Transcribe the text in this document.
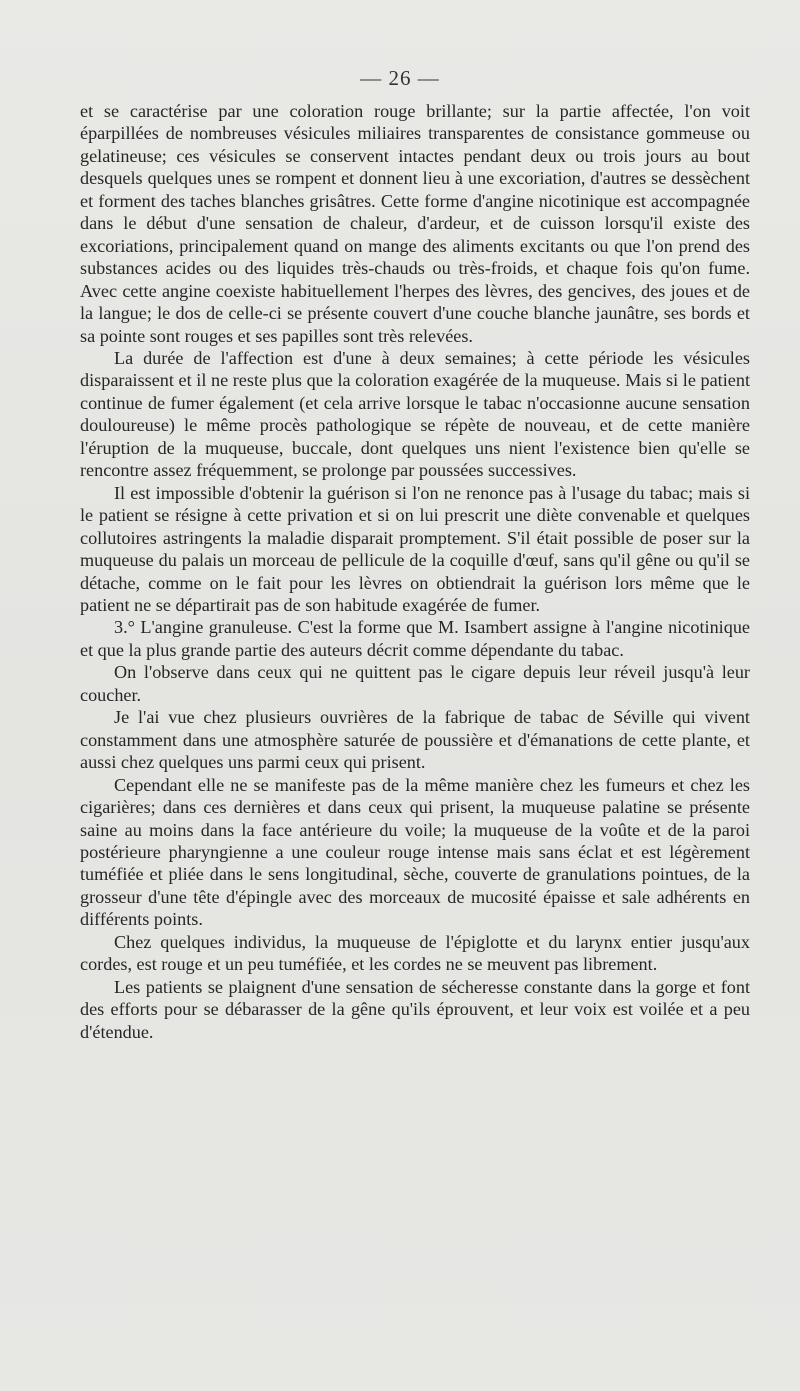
— 26 —

et se caractérise par une coloration rouge brillante; sur la partie affectée, l'on voit éparpillées de nombreuses vésicules miliaires transparentes de consistance gommeuse ou gelatineuse; ces vésicules se conservent intactes pendant deux ou trois jours au bout desquels quelques unes se rompent et donnent lieu à une excoriation, d'autres se dessèchent et forment des taches blanches grisâtres. Cette forme d'angine nicotinique est accompagnée dans le début d'une sensation de chaleur, d'ardeur, et de cuisson lorsqu'il existe des excoriations, principalement quand on mange des aliments excitants ou que l'on prend des substances acides ou des liquides très-chauds ou très-froids, et chaque fois qu'on fume. Avec cette angine coexiste habituellement l'herpes des lèvres, des gencives, des joues et de la langue; le dos de celle-ci se présente couvert d'une couche blanche jaunâtre, ses bords et sa pointe sont rouges et ses papilles sont très relevées.

La durée de l'affection est d'une à deux semaines; à cette période les vésicules disparaissent et il ne reste plus que la coloration exagérée de la muqueuse. Mais si le patient continue de fumer également (et cela arrive lorsque le tabac n'occasionne aucune sensation douloureuse) le même procès pathologique se répète de nouveau, et de cette manière l'éruption de la muqueuse, buccale, dont quelques uns nient l'existence bien qu'elle se rencontre assez fréquemment, se prolonge par poussées successives.

Il est impossible d'obtenir la guérison si l'on ne renonce pas à l'usage du tabac; mais si le patient se résigne à cette privation et si on lui prescrit une diète convenable et quelques collutoires astringents la maladie disparait promptement. S'il était possible de poser sur la muqueuse du palais un morceau de pellicule de la coquille d'œuf, sans qu'il gêne ou qu'il se détache, comme on le fait pour les lèvres on obtiendrait la guérison lors même que le patient ne se départirait pas de son habitude exagérée de fumer.

3.° L'angine granuleuse. C'est la forme que M. Isambert assigne à l'angine nicotinique et que la plus grande partie des auteurs décrit comme dépendante du tabac.

On l'observe dans ceux qui ne quittent pas le cigare depuis leur réveil jusqu'à leur coucher.

Je l'ai vue chez plusieurs ouvrières de la fabrique de tabac de Séville qui vivent constamment dans une atmosphère saturée de poussière et d'émanations de cette plante, et aussi chez quelques uns parmi ceux qui prisent.

Cependant elle ne se manifeste pas de la même manière chez les fumeurs et chez les cigarières; dans ces dernières et dans ceux qui prisent, la muqueuse palatine se présente saine au moins dans la face antérieure du voile; la muqueuse de la voûte et de la paroi postérieure pharyngienne a une couleur rouge intense mais sans éclat et est légèrement tuméfiée et pliée dans le sens longitudinal, sèche, couverte de granulations pointues, de la grosseur d'une tête d'épingle avec des morceaux de mucosité épaisse et sale adhérents en différents points.

Chez quelques individus, la muqueuse de l'épiglotte et du larynx entier jusqu'aux cordes, est rouge et un peu tuméfiée, et les cordes ne se meuvent pas librement.

Les patients se plaignent d'une sensation de sécheresse constante dans la gorge et font des efforts pour se débarasser de la gêne qu'ils éprouvent, et leur voix est voilée et a peu d'étendue.
